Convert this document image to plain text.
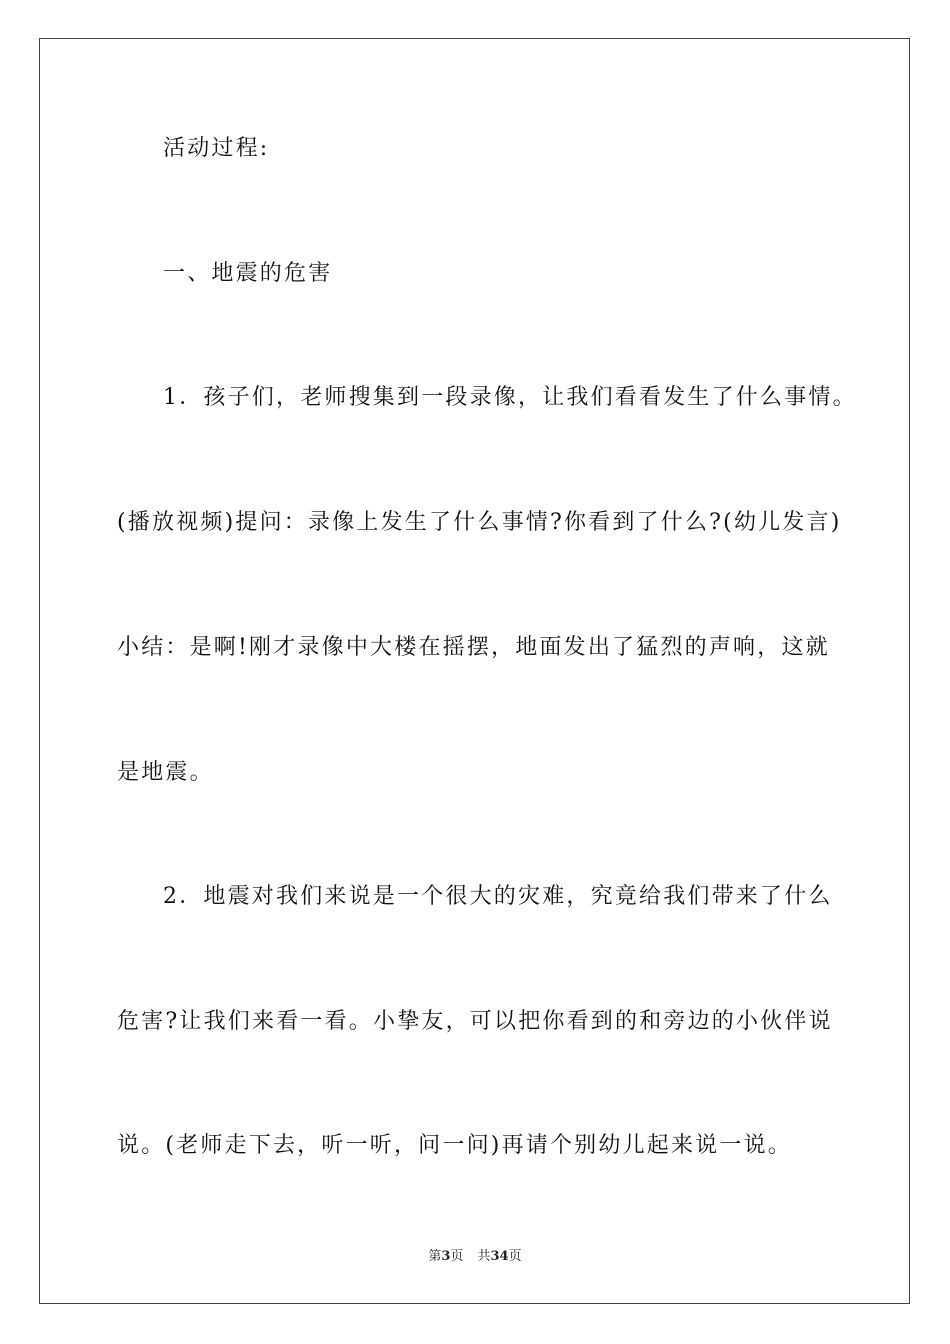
活动过程:
一、地震的危害
1．孩子们，老师搜集到一段录像，让我们看看发生了什么事情。
(播放视频)提问：录像上发生了什么事情?你看到了什么?(幼儿发言)
小结：是啊!刚才录像中大楼在摇摆，地面发出了猛烈的声响，这就
是地震。
2．地震对我们来说是一个很大的灾难，究竟给我们带来了什么
危害?让我们来看一看。小挚友，可以把你看到的和旁边的小伙伴说
说。(老师走下去，听一听，问一问)再请个别幼儿起来说一说。
第3页 共34页
